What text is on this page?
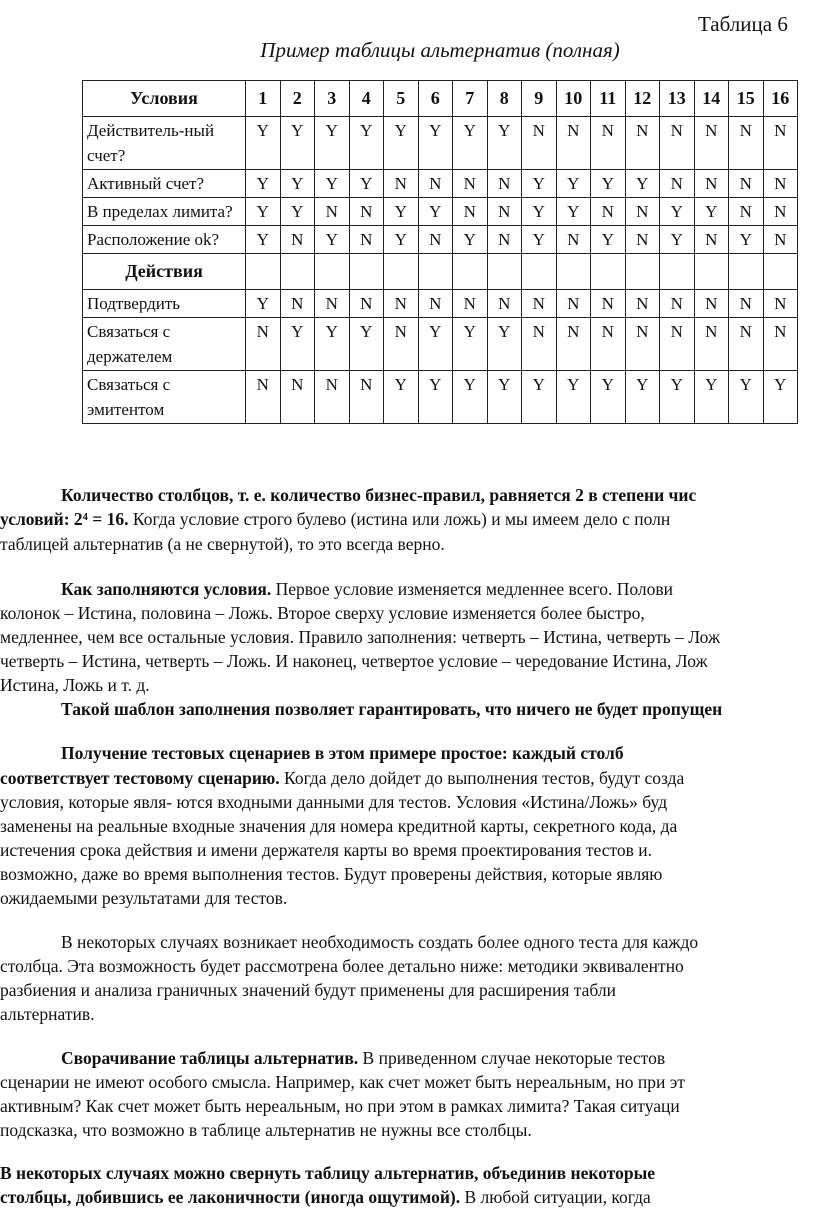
Таблица 6
Пример таблицы альтернатив (полная)
Условия	1	2	3	4	5	6	7	8	9	10	11	12	13	14	15	16
Действитель-ный счет?	Y	Y	Y	Y	Y	Y	Y	Y	N	N	N	N	N	N	N	N
Активный счет?	Y	Y	Y	Y	N	N	N	N	Y	Y	Y	Y	N	N	N	N
В пределах лимита?	Y	Y	N	N	Y	Y	N	N	Y	Y	N	N	Y	Y	N	N
Расположение ok?	Y	N	Y	N	Y	N	Y	N	Y	N	Y	N	Y	N	Y	N
Действия																
Подтвердить	Y	N	N	N	N	N	N	N	N	N	N	N	N	N	N	N
Связаться с держателем	N	Y	Y	Y	N	Y	Y	Y	N	N	N	N	N	N	N	N
Связаться с эмитентом	N	N	N	N	Y	Y	Y	Y	Y	Y	Y	Y	Y	Y	Y	Y
Количество столбцов, т. е. количество бизнес-правил, равняется 2 в степени чис
условий: 2⁴ = 16. Когда условие строго булево (истина или ложь) и мы имеем дело с полн
таблицей альтернатив (а не свернутой), то это всегда верно.
Как заполняются условия. Первое условие изменяется медленнее всего. Полови
колонок – Истина, половина – Ложь. Второе сверху условие изменяется более быстро,
медленнее, чем все остальные условия. Правило заполнения: четверть – Истина, четверть – Лож
четверть – Истина, четверть – Ложь. И наконец, четвертое условие – чередование Истина, Лож
Истина, Ложь и т. д.
Такой шаблон заполнения позволяет гарантировать, что ничего не будет пропущен
Получение тестовых сценариев в этом примере простое: каждый столб
соответствует тестовому сценарию. Когда дело дойдет до выполнения тестов, будут созда
условия, которые явля- ются входными данными для тестов. Условия «Истина/Ложь» буд
заменены на реальные входные значения для номера кредитной карты, секретного кода, да
истечения срока действия и имени держателя карты во время проектирования тестов и.
возможно, даже во время выполнения тестов. Будут проверены действия, которые являю
ожидаемыми результатами для тестов.
В некоторых случаях возникает необходимость создать более одного теста для каждо
столбца. Эта возможность будет рассмотрена более детально ниже: методики эквивалентно
разбиения и анализа граничных значений будут применены для расширения табли
альтернатив.
Сворачивание таблицы альтернатив. В приведенном случае некоторые тестов
сценарии не имеют особого смысла. Например, как счет может быть нереальным, но при эт
активным? Как счет может быть нереальным, но при этом в рамках лимита? Такая ситуаци
подсказка, что возможно в таблице альтернатив не нужны все столбцы.
В некоторых случаях можно свернуть таблицу альтернатив, объединив некоторые
столбцы, добившись ее лаконичности (иногда ощутимой). В любой ситуации, когда
